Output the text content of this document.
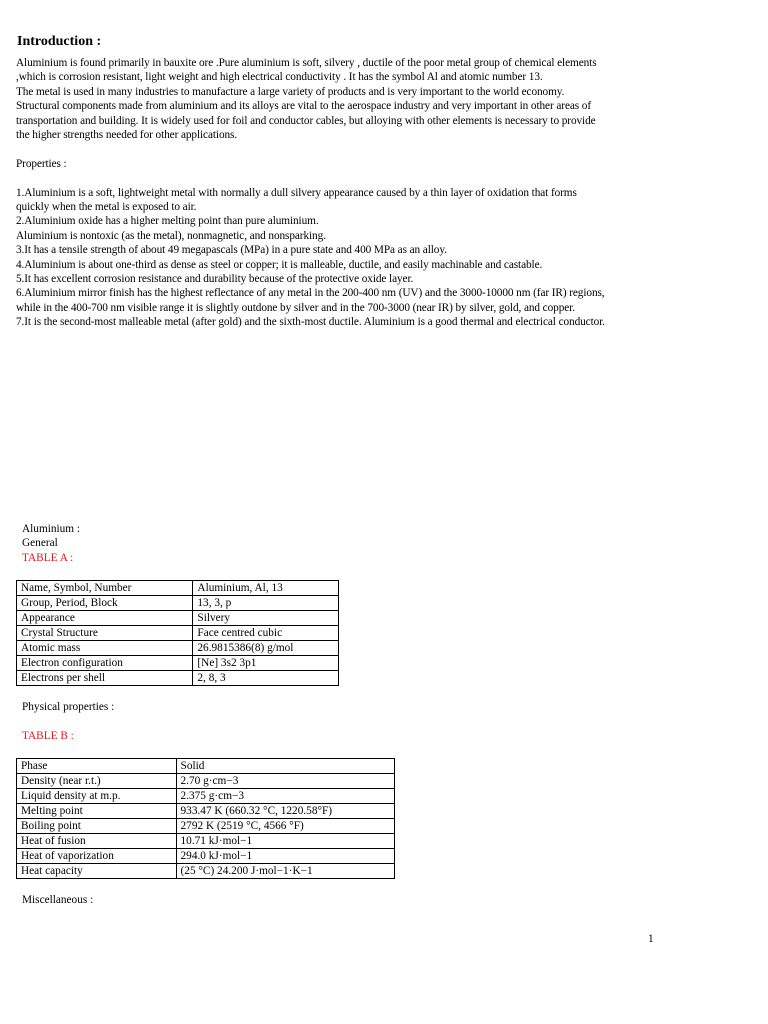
Introduction :

Aluminium is found primarily in bauxite ore .Pure aluminium is soft, silvery , ductile of the poor metal group of chemical elements ,which is corrosion resistant, light weight and high electrical conductivity . It has the symbol Al and atomic number 13.

The metal is used in many industries to manufacture a large variety of products and is very important to the world economy. Structural components made from aluminium and its alloys are vital to the aerospace industry and very important in other areas of transportation and building. It is widely used for foil and conductor cables, but alloying with other elements is necessary to provide the higher strengths needed for other applications.

Properties :

1.Aluminium is a soft, lightweight metal with normally a dull silvery appearance caused by a thin layer of oxidation that forms quickly when the metal is exposed to air.

2.Aluminium oxide has a higher melting point than pure aluminium.

Aluminium is nontoxic (as the metal), nonmagnetic, and nonsparking.

3.It has a tensile strength of about 49 megapascals (MPa) in a pure state and 400 MPa as an alloy.

4.Aluminium is about one-third as dense as steel or copper; it is malleable, ductile, and easily machinable and castable.

5.It has excellent corrosion resistance and durability because of the protective oxide layer.

6.Aluminium mirror finish has the highest reflectance of any metal in the 200-400 nm (UV) and the 3000-10000 nm (far IR) regions, while in the 400-700 nm visible range it is slightly outdone by silver and in the 700-3000 (near IR) by silver, gold, and copper.

7.It is the second-most malleable metal (after gold) and the sixth-most ductile. Aluminium is a good thermal and electrical conductor.

Aluminium :

General

TABLE A :

Name, Symbol, Number	Aluminium, Al, 13
Group, Period, Block	13, 3, p
Appearance	Silvery
Crystal Structure	Face centred cubic
Atomic mass	26.9815386(8) g/mol
Electron configuration	[Ne] 3s2 3p1
Electrons per shell	2, 8, 3

Physical properties :

TABLE B :

Phase	Solid
Density (near r.t.)	2.70 g·cm−3
Liquid density at m.p.	2.375 g·cm−3
Melting point	933.47 K (660.32 °C, 1220.58°F)
Boiling point	2792 K (2519 °C, 4566 °F)
Heat of fusion	10.71 kJ·mol−1
Heat of vaporization	294.0 kJ·mol−1
Heat capacity	(25 °C) 24.200 J·mol−1·K−1

Miscellaneous :

1
